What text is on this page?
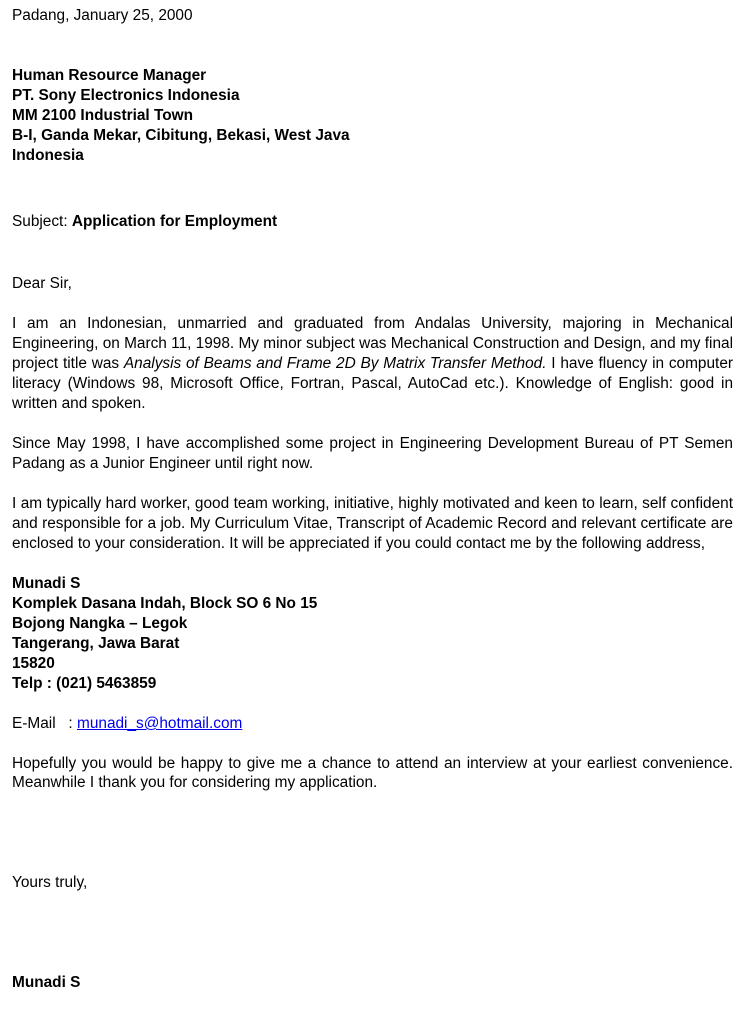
Padang, January 25, 2000

Human Resource Manager

PT. Sony Electronics Indonesia

MM 2100 Industrial Town

B-I, Ganda Mekar, Cibitung, Bekasi, West Java

Indonesia

Subject: Application for Employment

Dear Sir,

I am an Indonesian, unmarried and graduated from Andalas University, majoring in Mechanical Engineering, on March 11, 1998. My minor subject was Mechanical Construction and Design, and my final project title was Analysis of Beams and Frame 2D By Matrix Transfer Method. I have fluency in computer literacy (Windows 98, Microsoft Office, Fortran, Pascal, AutoCad etc.). Knowledge of English: good in written and spoken.

Since May 1998, I have accomplished some project in Engineering Development Bureau of PT Semen Padang as a Junior Engineer until right now.

I am typically hard worker, good team working, initiative, highly motivated and keen to learn, self confident and responsible for a job. My Curriculum Vitae, Transcript of Academic Record and relevant certificate are enclosed to your consideration. It will be appreciated if you could contact me by the following address,

Munadi S

Komplek Dasana Indah, Block SO 6 No 15

Bojong Nangka – Legok

Tangerang, Jawa Barat

15820

Telp : (021) 5463859

E-Mail   : munadi_s@hotmail.com

Hopefully you would be happy to give me a chance to attend an interview at your earliest convenience. Meanwhile I thank you for considering my application.

Yours truly,

Munadi S
